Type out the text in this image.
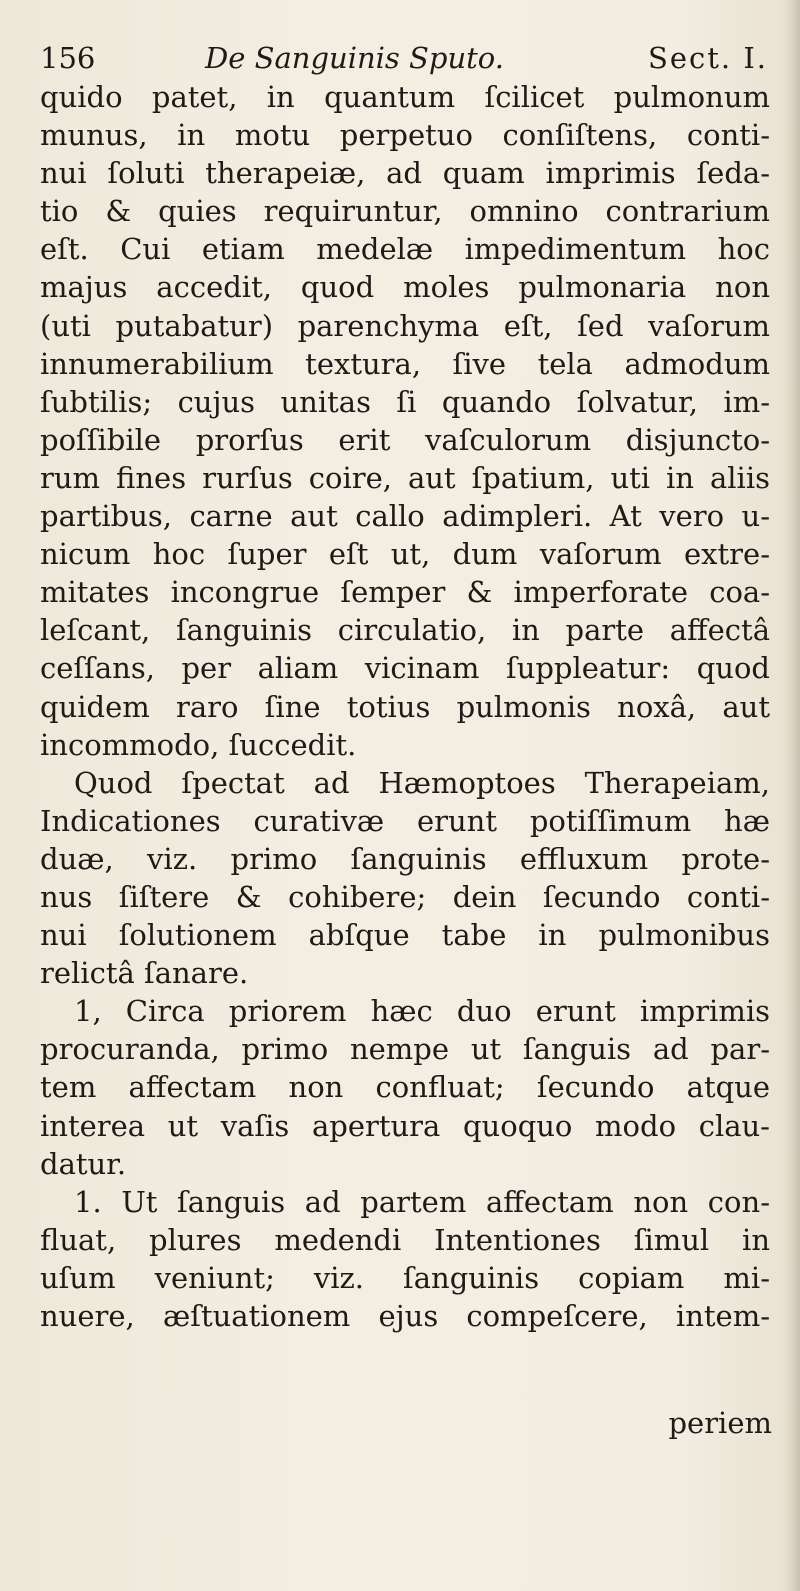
156	De Sanguinis Sputo.	Sect. I.
quido patet, in quantum ſcilicet pulmonum
munus, in motu perpetuo conſiſtens, conti-
nui ſoluti therapeiæ, ad quam imprimis ſeda-
tio & quies requiruntur, omnino contrarium
eſt. Cui etiam medelæ impedimentum hoc
majus accedit, quod moles pulmonaria non
(uti putabatur) parenchyma eſt, ſed vaſorum
innumerabilium textura, ſive tela admodum
ſubtilis; cujus unitas ſi quando ſolvatur, im-
poſſibile prorſus erit vaſculorum disjuncto-
rum fines rurſus coire, aut ſpatium, uti in aliis
partibus, carne aut callo adimpleri. At vero u-
nicum hoc ſuper eſt ut, dum vaſorum extre-
mitates incongrue ſemper & imperforate coa-
leſcant, ſanguinis circulatio, in parte affectâ
ceſſans, per aliam vicinam ſuppleatur: quod
quidem raro ſine totius pulmonis noxâ, aut
incommodo, ſuccedit.
Quod ſpectat ad Hæmoptoes Therapeiam,
Indicationes curativæ erunt potiſſimum hæ
duæ, viz. primo ſanguinis effluxum prote-
nus ſiſtere & cohibere; dein ſecundo conti-
nui ſolutionem abſque tabe in pulmonibus
relictâ ſanare.
1, Circa priorem hæc duo erunt imprimis
procuranda, primo nempe ut ſanguis ad par-
tem affectam non confluat; ſecundo atque
interea ut vaſis apertura quoquo modo clau-
datur.
1. Ut ſanguis ad partem affectam non con-
fluat, plures medendi Intentiones ſimul in
uſum veniunt; viz. ſanguinis copiam mi-
nuere, æſtuationem ejus compeſcere, intem-
periem
